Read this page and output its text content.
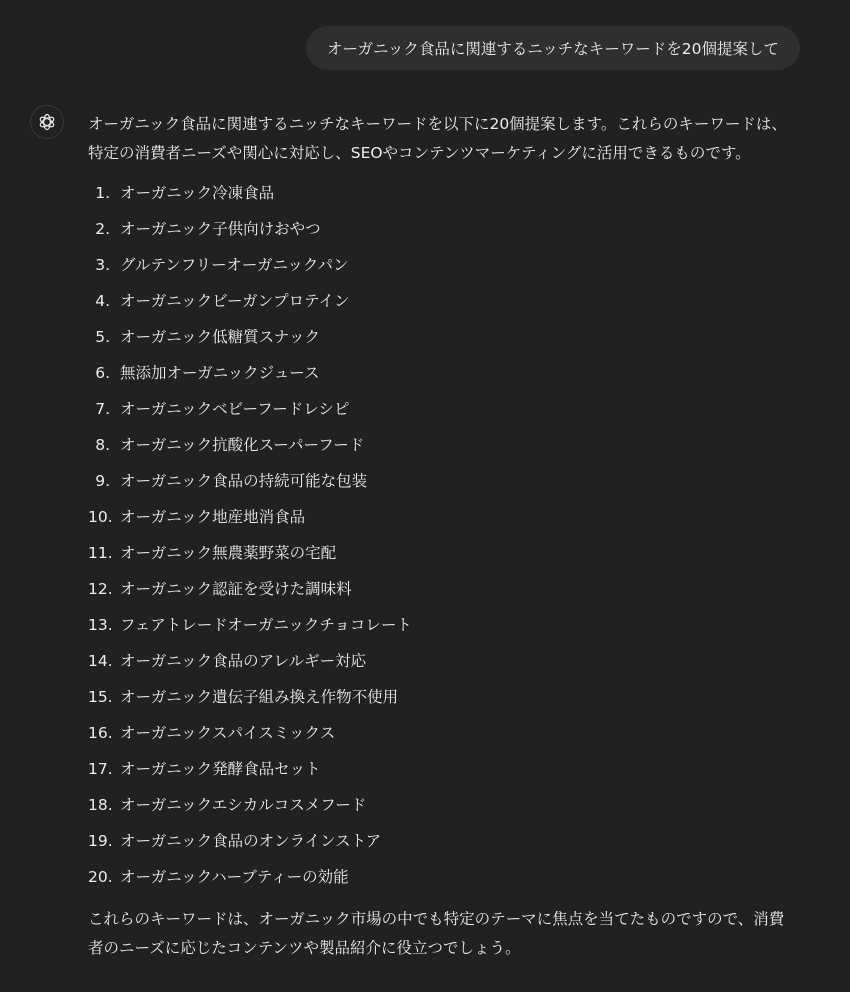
オーガニック食品に関連するニッチなキーワードを20個提案して

オーガニック食品に関連するニッチなキーワードを以下に20個提案します。これらのキーワードは、特定の消費者ニーズや関心に対応し、SEOやコンテンツマーケティングに活用できるものです。

1. オーガニック冷凍食品
2. オーガニック子供向けおやつ
3. グルテンフリーオーガニックパン
4. オーガニックビーガンプロテイン
5. オーガニック低糖質スナック
6. 無添加オーガニックジュース
7. オーガニックベビーフードレシピ
8. オーガニック抗酸化スーパーフード
9. オーガニック食品の持続可能な包装
10. オーガニック地産地消食品
11. オーガニック無農薬野菜の宅配
12. オーガニック認証を受けた調味料
13. フェアトレードオーガニックチョコレート
14. オーガニック食品のアレルギー対応
15. オーガニック遺伝子組み換え作物不使用
16. オーガニックスパイスミックス
17. オーガニック発酵食品セット
18. オーガニックエシカルコスメフード
19. オーガニック食品のオンラインストア
20. オーガニックハーブティーの効能

これらのキーワードは、オーガニック市場の中でも特定のテーマに焦点を当てたものですので、消費者のニーズに応じたコンテンツや製品紹介に役立つでしょう。
